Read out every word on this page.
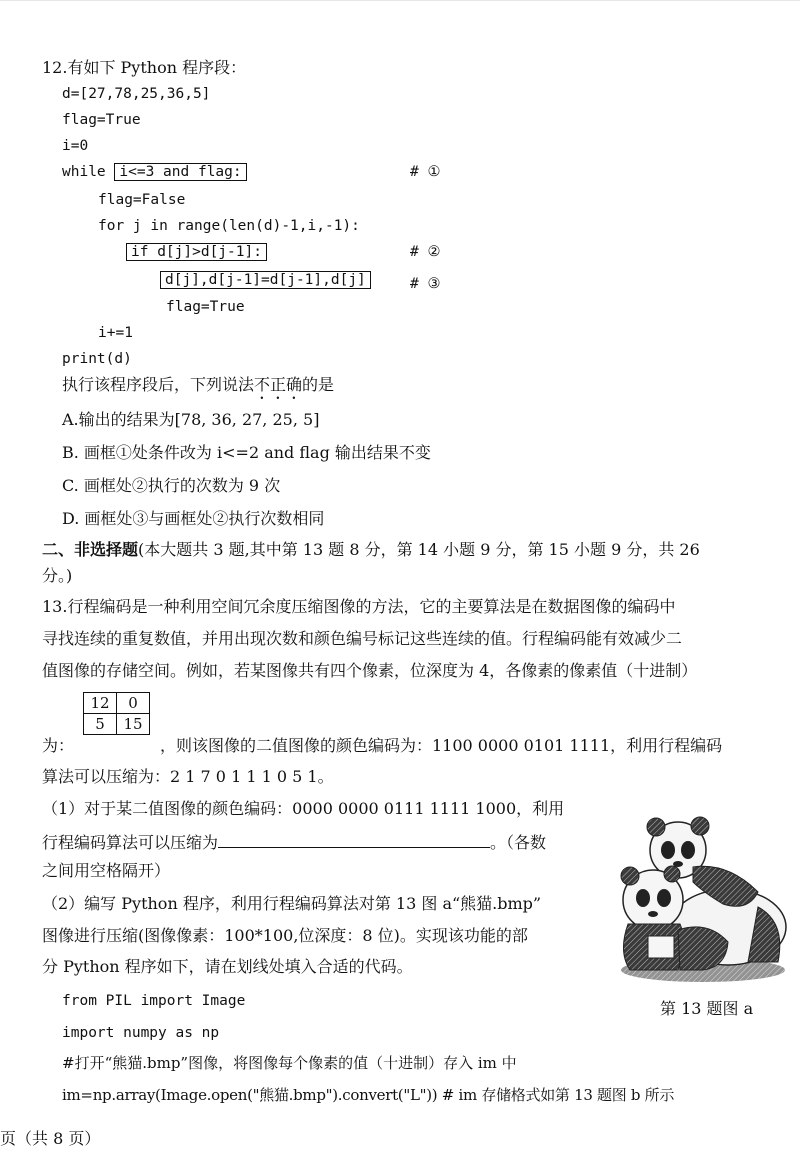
12.有如下 Python 程序段：
d=[27,78,25,36,5]
flag=True
i=0
while i<=3 and flag:	# ①
flag=False
for j in range(len(d)-1,i,-1):
if d[j]>d[j-1]:	# ②
d[j],d[j-1]=d[j-1],d[j]	# ③
flag=True
i+=1
print(d)
执行该程序段后，下列说法不正确的是
A.输出的结果为[78, 36, 27, 25, 5]
B. 画框①处条件改为 i<=2 and flag 输出结果不变
C. 画框处②执行的次数为 9 次
D. 画框处③与画框处②执行次数相同
二、非选择题(本大题共 3 题,其中第 13 题 8 分，第 14 小题 9 分，第 15 小题 9 分，共 26
分。)
13.行程编码是一种利用空间冗余度压缩图像的方法，它的主要算法是在数据图像的编码中
寻找连续的重复数值，并用出现次数和颜色编号标记这些连续的值。行程编码能有效减少二
值图像的存储空间。例如，若某图像共有四个像素，位深度为 4，各像素的像素值（十进制）
12	0
5	15
为：	，则该图像的二值图像的颜色编码为：1100 0000 0101 1111，利用行程编码
算法可以压缩为：2 1 7 0 1 1 1 0 5 1。
（1）对于某二值图像的颜色编码：0000 0000 0111 1111 1000，利用
行程编码算法可以压缩为	。（各数
之间用空格隔开）
（2）编写 Python 程序，利用行程编码算法对第 13 图 a“熊猫.bmp”
图像进行压缩(图像像素：100*100,位深度：8 位)。实现该功能的部
分 Python 程序如下，请在划线处填入合适的代码。
from PIL import Image
import numpy as np
#打开“熊猫.bmp”图像，将图像每个像素的值（十进制）存入 im 中
im=np.array(Image.open("熊猫.bmp").convert("L")) # im 存储格式如第 13 题图 b 所示
第 13 题图 a
页（共 8 页）
